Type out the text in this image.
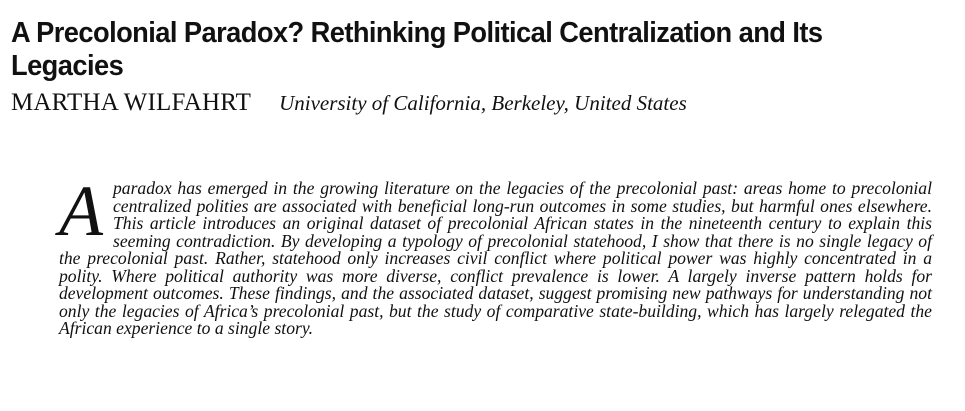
A Precolonial Paradox? Rethinking Political Centralization and Its Legacies
MARTHA WILFAHRT University of California, Berkeley, United States

A paradox has emerged in the growing literature on the legacies of the precolonial past: areas home to precolonial centralized polities are associated with beneficial long-run outcomes in some studies, but harmful ones elsewhere. This article introduces an original dataset of precolonial African states in the nineteenth century to explain this seeming contradiction. By developing a typology of precolonial statehood, I show that there is no single legacy of the precolonial past. Rather, statehood only increases civil conflict where political power was highly concentrated in a polity. Where political authority was more diverse, conflict prevalence is lower. A largely inverse pattern holds for development outcomes. These findings, and the associated dataset, suggest promising new pathways for understanding not only the legacies of Africa’s precolonial past, but the study of comparative state-building, which has largely relegated the African experience to a single story.
